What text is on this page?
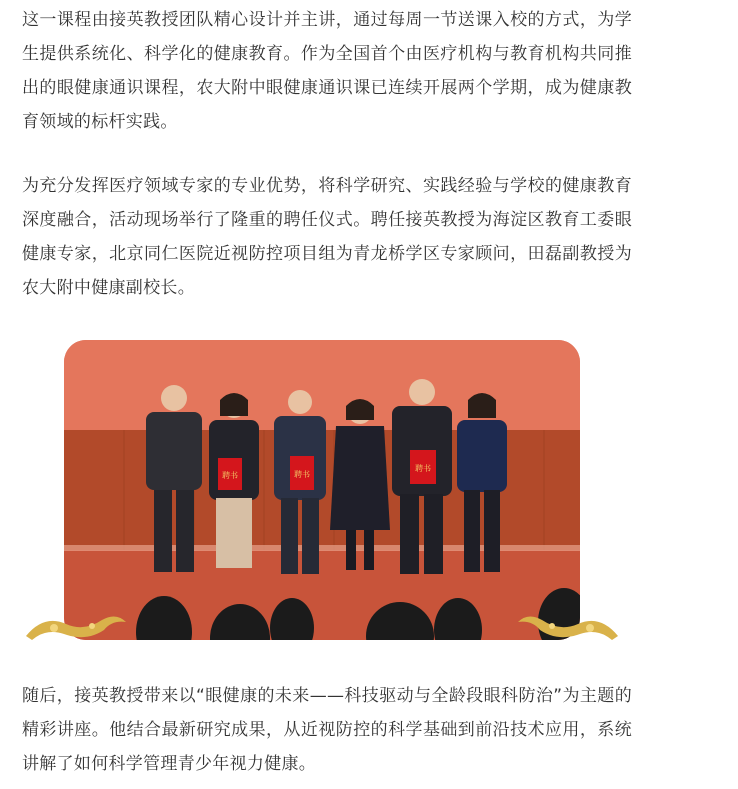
这一课程由接英教授团队精心设计并主讲，通过每周一节送课入校的方式，为学生提供系统化、科学化的健康教育。作为全国首个由医疗机构与教育机构共同推出的眼健康通识课程，农大附中眼健康通识课已连续开展两个学期，成为健康教育领域的标杆实践。

为充分发挥医疗领域专家的专业优势，将科学研究、实践经验与学校的健康教育深度融合，活动现场举行了隆重的聘任仪式。聘任接英教授为海淀区教育工委眼健康专家，北京同仁医院近视防控项目组为青龙桥学区专家顾问，田磊副教授为农大附中健康副校长。

聘书	聘书
聘书

随后，接英教授带来以“眼健康的未来——科技驱动与全龄段眼科防治”为主题的精彩讲座。他结合最新研究成果，从近视防控的科学基础到前沿技术应用，系统讲解了如何科学管理青少年视力健康。
